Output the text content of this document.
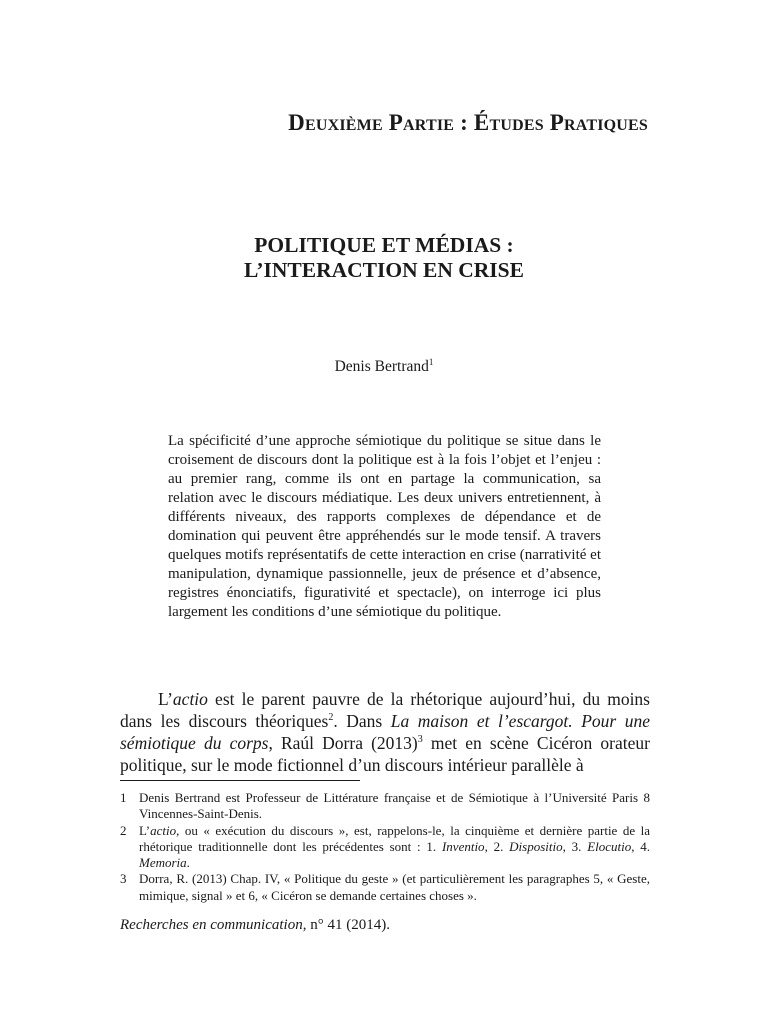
Deuxième Partie : Études Pratiques
POLITIQUE ET MÉDIAS :
L’INTERACTION EN CRISE
Denis Bertrand$^1$
La spécificité d’une approche sémiotique du politique se situe dans le croisement de discours dont la politique est à la fois l’objet et l’enjeu : au premier rang, comme ils ont en partage la communication, sa relation avec le discours médiatique. Les deux univers entretiennent, à différents niveaux, des rapports complexes de dépendance et de domination qui peuvent être appréhendés sur le mode tensif. A travers quelques motifs représentatifs de cette interaction en crise (narrativité et manipulation, dynamique passionnelle, jeux de présence et d’absence, registres énonciatifs, figurativité et spectacle), on interroge ici plus largement les conditions d’une sémiotique du politique.
L’actio est le parent pauvre de la rhétorique aujourd’hui, du moins dans les discours théoriques$^2$. Dans La maison et l’escargot. Pour une sémiotique du corps, Raúl Dorra $(2013)^3$ met en scène Cicéron orateur politique, sur le mode fictionnel d’un discours intérieur parallèle à
1 Denis Bertrand est Professeur de Littérature française et de Sémiotique à l’Université Paris 8 Vincennes-Saint-Denis.
2 L’actio, ou « exécution du discours », est, rappelons-le, la cinquième et dernière partie de la rhétorique traditionnelle dont les précédentes sont : 1. Inventio, 2. Dispositio, 3. Elocutio, 4. Memoria.
3 Dorra, R. (2013) Chap. IV, « Politique du geste » (et particulièrement les paragraphes 5, « Geste, mimique, signal » et 6, « Cicéron se demande certaines choses ».
Recherches en communication, n° 41 (2014).
